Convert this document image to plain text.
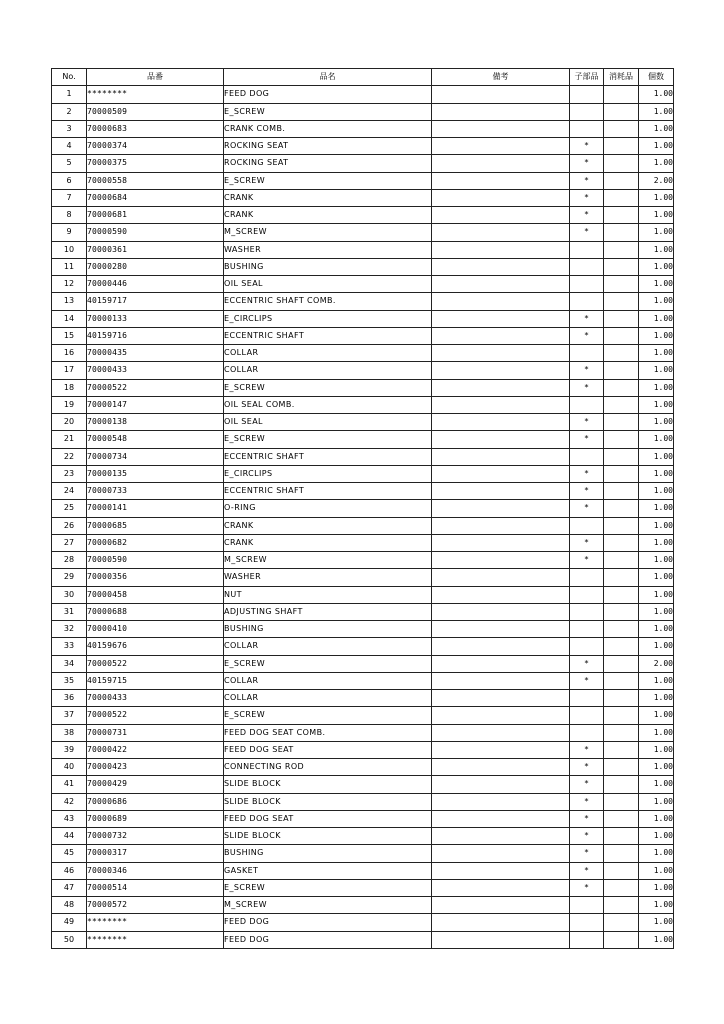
No.	品番	品名	備考	子部品	消耗品	個数
1	********	FEED DOG				1.00
2	70000509	E_SCREW				1.00
3	70000683	CRANK COMB.				1.00
4	70000374	ROCKING SEAT		*		1.00
5	70000375	ROCKING SEAT		*		1.00
6	70000558	E_SCREW		*		2.00
7	70000684	CRANK		*		1.00
8	70000681	CRANK		*		1.00
9	70000590	M_SCREW		*		1.00
10	70000361	WASHER				1.00
11	70000280	BUSHING				1.00
12	70000446	OIL SEAL				1.00
13	40159717	ECCENTRIC SHAFT COMB.				1.00
14	70000133	E_CIRCLIPS		*		1.00
15	40159716	ECCENTRIC SHAFT		*		1.00
16	70000435	COLLAR				1.00
17	70000433	COLLAR		*		1.00
18	70000522	E_SCREW		*		1.00
19	70000147	OIL SEAL COMB.				1.00
20	70000138	OIL SEAL		*		1.00
21	70000548	E_SCREW		*		1.00
22	70000734	ECCENTRIC SHAFT				1.00
23	70000135	E_CIRCLIPS		*		1.00
24	70000733	ECCENTRIC SHAFT		*		1.00
25	70000141	O-RING		*		1.00
26	70000685	CRANK				1.00
27	70000682	CRANK		*		1.00
28	70000590	M_SCREW		*		1.00
29	70000356	WASHER				1.00
30	70000458	NUT				1.00
31	70000688	ADJUSTING SHAFT				1.00
32	70000410	BUSHING				1.00
33	40159676	COLLAR				1.00
34	70000522	E_SCREW		*		2.00
35	40159715	COLLAR		*		1.00
36	70000433	COLLAR				1.00
37	70000522	E_SCREW				1.00
38	70000731	FEED DOG SEAT COMB.				1.00
39	70000422	FEED DOG SEAT		*		1.00
40	70000423	CONNECTING ROD		*		1.00
41	70000429	SLIDE BLOCK		*		1.00
42	70000686	SLIDE BLOCK		*		1.00
43	70000689	FEED DOG SEAT		*		1.00
44	70000732	SLIDE BLOCK		*		1.00
45	70000317	BUSHING		*		1.00
46	70000346	GASKET		*		1.00
47	70000514	E_SCREW		*		1.00
48	70000572	M_SCREW				1.00
49	********	FEED DOG				1.00
50	********	FEED DOG				1.00
